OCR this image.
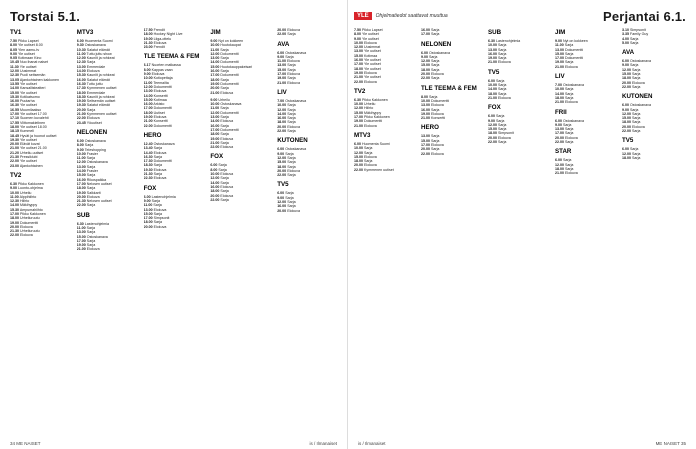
Torstai 5.1.
TV1
7.50 Pikku Lapset
8.00 Yle uutiset 8.00
8.05 Ylen aamu-tv
9.00 Yle uutiset
9.05 Kotimaan Kino
10.45 Nuo ihanat naiset
11.30 Yle uutiset
12.00 Uusimmat
12.30 Puoli seitsemän
13.05 Ajankohtainen kakkonen
13.55 Yle uutiset
14.00 Kansallisteatteri
15.00 Yle uutiset
15.30 Kotikatsomo
16.00 Puutarha
16.30 Yle uutiset
16.55 Muumilaakso
17.00 Yle uutiset 17.00
17.10 Suomen kuvalehti
17.55 Viittomakielinen
18.00 Yle uutiset 18.00
18.15 Kummeli
18.45 Hyvät ja huonot uutiset
19.30 Yle uutiset
20.00 Elävät kuvat
21.00 Yle uutiset 21.00
21.20 Urheilu-uutiset
21.30 Pressiklubi
22.00 Yle uutiset
23.00 Ajankohtainen
TV2
6.30 Pikku Kakkonen
9.00 Luonto-ohjelma
10.00 Urheilu
11.00 Alppihiihto
12.30 Hiihto
14.00 Mäkihyppy
15.30 Ampumahiihto
17.00 Pikku Kakkonen
18.00 Urheiluruutu
19.00 Dokumentti
20.00 Elokuva
21.30 Urheiluruutu
22.00 Elokuva
MTV3
6.00 Huomenta Suomi
9.30 Ostoskanava
10.30 Salatut elämät
11.00 Tuttu juttu show
12.00 Kauniit ja rohkeat
12.30 Sarja
13.00 Emmerdale
14.00 Elokuva
15.30 Kauniit ja rohkeat
16.00 Salatut elämät
16.30 Tuttu juttu
17.30 Kymmenen uutiset
18.00 Emmerdale
18.30 Kauniit ja rohkeat
19.00 Seitsemän uutiset
19.30 Salatut elämät
20.00 Sarja
21.00 Kymmenen uutiset
22.00 Elokuva
23.45 Yöuutiset
NELONEN
6.00 Ostoskanava
8.00 Sarja
9.00 Teleshopping
10.00 Frasier
11.00 Sarja
12.00 Ostoskanava
13.00 Sarja
14.00 Frasier
15.00 Sarja
16.00 Rikospaikka
17.00 Nelosen uutiset
18.00 Sarja
19.00 Salkkarit
20.00 Elokuva
21.30 Nelosen uutiset
22.00 Sarja
SUB
6.30 Lastenohjelmia
11.00 Sarja
13.00 Sarja
15.00 Ostoskanava
17.00 Sarja
19.00 Sarja
21.00 Elokuva
17.50 Frendit
18.00 Hockey Night Live
19.00 Liiga-ottelu
21.30 Elokuva
23.00 Frendit
TLE TEEMA & FEM
6.17 Nuorten matkassa
8.00 Kappas vaan
9.00 Elokuva
10.00 Kotiopettaja
11.00 Teemailta
12.00 Dokumentti
13.00 Elokuva
14.00 Konsertti
15.00 Kotimaa
16.00 Arkisto
17.00 Dokumentti
18.00 Uutiset
19.00 Elokuva
21.00 Konsertti
22.00 Dokumentti
HERO
12.40 Ostoskanava
13.40 Sarja
14.40 Elokuva
16.30 Sarja
17.30 Dokumentti
18.30 Sarja
19.30 Elokuva
21.30 Sarja
22.30 Elokuva
FOX
6.00 Lastenohjelmia
9.00 Sarja
11.00 Sarja
13.00 Elokuva
15.00 Sarja
17.00 Simpsonit
18.00 Sarja
20.00 Elokuva
JIM
9.00 Nyt on kokkeen
10.00 Huutokaupat
11.00 Sarja
12.00 Dokumentti
13.00 Sarja
14.00 Dokumentti
15.00 Huutokauppakeisari
16.00 Sarja
17.00 Dokumentti
18.00 Sarja
19.00 Dokumentti
20.00 Sarja
21.00 Elokuva
9.00 Urheilu
10.00 Ostoskanava
11.00 Sarja
12.00 Dokumentti
13.00 Sarja
14.00 Elokuva
16.00 Sarja
17.00 Dokumentti
18.00 Sarja
19.00 Elokuva
21.00 Sarja
22.00 Elokuva
FOX
6.00 Sarja
8.00 Sarja
10.00 Elokuva
12.00 Sarja
14.00 Sarja
16.00 Elokuva
18.00 Sarja
20.00 Elokuva
22.00 Sarja
20.00 Elokuva
22.00 Sarja
AVA
6.00 Ostoskanava
9.00 Sarja
11.00 Elokuva
13.00 Sarja
15.00 Sarja
17.00 Elokuva
19.00 Sarja
21.00 Elokuva
LIV
7.00 Ostoskanava
10.00 Sarja
12.00 Sarja
14.00 Sarja
16.00 Sarja
18.00 Sarja
20.00 Elokuva
22.00 Sarja
KUTONEN
6.00 Ostoskanava
9.00 Sarja
12.00 Sarja
15.00 Sarja
18.00 Sarja
20.00 Elokuva
22.00 Sarja
TV5
6.00 Sarja
9.00 Sarja
12.00 Sarja
16.00 Sarja
20.00 Elokuva
34 ME NAISET	is / Ilmanaiset
YLE	Ohjelmatiedot saattavat muuttua	Perjantai 6.1.
7.50 Pikku Lapset
8.00 Yle uutiset
9.00 Yle uutiset
10.00 Elokuva
12.00 Uusimmat
13.00 Yle uutiset
15.00 Kotimaa
16.00 Yle uutiset
17.00 Yle uutiset
18.00 Yle uutiset
19.00 Elokuva
21.00 Yle uutiset
22.00 Elokuva
TV2
6.30 Pikku Kakkonen
10.00 Urheilu
12.00 Hiihto
15.00 Mäkihyppy
17.00 Pikku Kakkonen
19.00 Dokumentti
21.00 Elokuva
MTV3
6.00 Huomenta Suomi
10.00 Sarja
12.00 Sarja
15.00 Elokuva
18.00 Sarja
20.00 Elokuva
22.00 Kymmenen uutiset
16.00 Sarja
17.00 Sarja
NELONEN
6.00 Ostoskanava
9.00 Sarja
12.00 Sarja
15.00 Sarja
18.00 Sarja
20.00 Elokuva
22.00 Sarja
TLE TEEMA & FEM
8.00 Sarja
10.00 Dokumentti
13.00 Elokuva
16.00 Sarja
19.00 Elokuva
21.00 Konsertti
HERO
13.00 Sarja
15.00 Sarja
17.00 Elokuva
20.00 Sarja
22.00 Elokuva
SUB
6.30 Lastenohjelmia
10.00 Sarja
13.00 Sarja
16.00 Sarja
19.00 Sarja
21.00 Elokuva
TV5
6.00 Sarja
10.00 Sarja
14.00 Sarja
18.00 Sarja
21.00 Elokuva
FOX
6.00 Sarja
9.00 Sarja
12.00 Sarja
15.00 Sarja
18.00 Simpsonit
20.00 Elokuva
22.00 Sarja
JIM
9.00 Nyt on kokkeen
11.00 Sarja
13.00 Dokumentti
15.00 Sarja
17.00 Dokumentti
19.00 Sarja
21.00 Elokuva
LIV
7.00 Ostoskanava
10.00 Sarja
14.00 Sarja
18.00 Sarja
21.00 Elokuva
FRII
6.00 Ostoskanava
9.00 Sarja
13.00 Sarja
17.00 Sarja
20.00 Elokuva
22.00 Sarja
STAR
6.00 Sarja
12.00 Sarja
18.00 Sarja
21.00 Elokuva
3.10 Simpsonit
3.35 Family Guy
4.00 Sarja
5.00 Sarja
AVA
6.00 Ostoskanava
9.00 Sarja
12.00 Sarja
15.00 Sarja
18.00 Sarja
20.00 Elokuva
22.00 Sarja
KUTONEN
6.00 Ostoskanava
9.00 Sarja
12.00 Sarja
15.00 Sarja
18.00 Sarja
20.00 Elokuva
22.00 Sarja
TV5
6.00 Sarja
12.00 Sarja
18.00 Sarja
is / Ilmanaiset	ME NAISET 35
